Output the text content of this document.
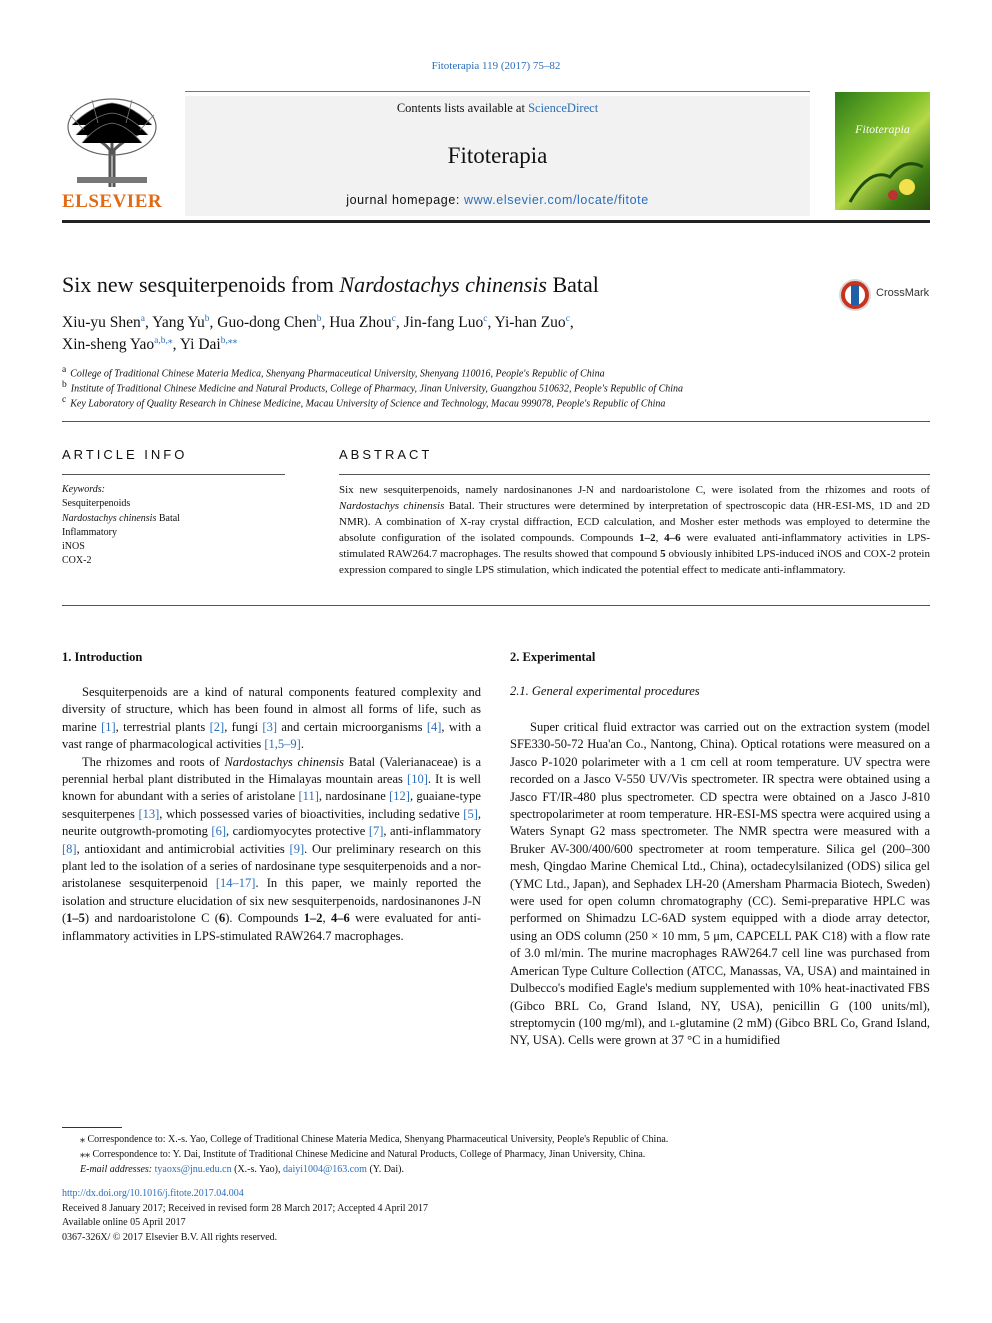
Fitoterapia 119 (2017) 75–82
ELSEVIER
Contents lists available at ScienceDirect
Fitoterapia
journal homepage: www.elsevier.com/locate/fitote
Fitoterapia
Six new sesquiterpenoids from Nardostachys chinensis Batal	CrossMark
Xiu-yu Shen$^a$, Yang Yu$^b$, Guo-dong Chen$^b$, Hua Zhou$^c$, Jin-fang Luo$^c$, Yi-han Zuo$^c$,
Xin-sheng Yao$^{a,b,⁎}$, Yi Dai$^{b,⁎⁎}$
$^a$ College of Traditional Chinese Materia Medica, Shenyang Pharmaceutical University, Shenyang 110016, People's Republic of China
$^b$ Institute of Traditional Chinese Medicine and Natural Products, College of Pharmacy, Jinan University, Guangzhou 510632, People's Republic of China
$^c$ Key Laboratory of Quality Research in Chinese Medicine, Macau University of Science and Technology, Macau 999078, People's Republic of China
ARTICLE INFO
Keywords:
Sesquiterpenoids
Nardostachys chinensis Batal
Inflammatory
iNOS
COX-2
ABSTRACT
Six new sesquiterpenoids, namely nardosinanones J-N and nardoaristolone C, were isolated from the rhizomes and roots of Nardostachys chinensis Batal. Their structures were determined by interpretation of spectroscopic data (HR-ESI-MS, 1D and 2D NMR). A combination of X-ray crystal diffraction, ECD calculation, and Mosher ester methods was employed to determine the absolute configuration of the isolated compounds. Compounds 1–2, 4–6 were evaluated anti-inflammatory activities in LPS-stimulated RAW264.7 macrophages. The results showed that compound 5 obviously inhibited LPS-induced iNOS and COX-2 protein expression compared to single LPS stimulation, which indicated the potential effect to medicate anti-inflammatory.
1. Introduction

Sesquiterpenoids are a kind of natural components featured complexity and diversity of structure, which has been found in almost all forms of life, such as marine [1], terrestrial plants [2], fungi [3] and certain microorganisms [4], with a vast range of pharmacological activities [1,5–9].

The rhizomes and roots of Nardostachys chinensis Batal (Valerianaceae) is a perennial herbal plant distributed in the Himalayas mountain areas [10]. It is well known for abundant with a series of aristolane [11], nardosinane [12], guaiane-type sesquiterpenes [13], which possessed varies of bioactivities, including sedative [5], neurite outgrowth-promoting [6], cardiomyocytes protective [7], anti-inflammatory [8], antioxidant and antimicrobial activities [9]. Our preliminary research on this plant led to the isolation of a series of nardosinane type sesquiterpenoids and a nor-aristolanese sesquiterpenoid [14–17]. In this paper, we mainly reported the isolation and structure elucidation of six new sesquiterpenoids, nardosinanones J-N (1–5) and nardoaristolone C (6). Compounds 1–2, 4–6 were evaluated for anti-inflammatory activities in LPS-stimulated RAW264.7 macrophages.

2. Experimental
2.1. General experimental procedures

Super critical fluid extractor was carried out on the extraction system (model SFE330-50-72 Hua'an Co., Nantong, China). Optical rotations were measured on a Jasco P-1020 polarimeter with a 1 cm cell at room temperature. UV spectra were recorded on a Jasco V-550 UV/Vis spectrometer. IR spectra were obtained using a Jasco FT/IR-480 plus spectrometer. CD spectra were obtained on a Jasco J-810 spectropolarimeter at room temperature. HR-ESI-MS spectra were acquired using a Waters Synapt G2 mass spectrometer. The NMR spectra were measured with a Bruker AV-300/400/600 spectrometer at room temperature. Silica gel (200–300 mesh, Qingdao Marine Chemical Ltd., China), octadecylsilanized (ODS) silica gel (YMC Ltd., Japan), and Sephadex LH-20 (Amersham Pharmacia Biotech, Sweden) were used for open column chromatography (CC). Semi-preparative HPLC was performed on Shimadzu LC-6AD system equipped with a diode array detector, using an ODS column (250 × 10 mm, 5 μm, CAPCELL PAK C18) with a flow rate of 3.0 ml/min. The murine macrophages RAW264.7 cell line was purchased from American Type Culture Collection (ATCC, Manassas, VA, USA) and maintained in Dulbecco's modified Eagle's medium supplemented with 10% heat-inactivated FBS (Gibco BRL Co, Grand Island, NY, USA), penicillin G (100 units/ml), streptomycin (100 mg/ml), and l-glutamine (2 mM) (Gibco BRL Co, Grand Island, NY, USA). Cells were grown at 37 °C in a humidified

⁎ Correspondence to: X.-s. Yao, College of Traditional Chinese Materia Medica, Shenyang Pharmaceutical University, People's Republic of China.
⁎⁎ Correspondence to: Y. Dai, Institute of Traditional Chinese Medicine and Natural Products, College of Pharmacy, Jinan University, China.
E-mail addresses: tyaoxs@jnu.edu.cn (X.-s. Yao), daiyi1004@163.com (Y. Dai).
http://dx.doi.org/10.1016/j.fitote.2017.04.004
Received 8 January 2017; Received in revised form 28 March 2017; Accepted 4 April 2017
Available online 05 April 2017
0367-326X/ © 2017 Elsevier B.V. All rights reserved.
